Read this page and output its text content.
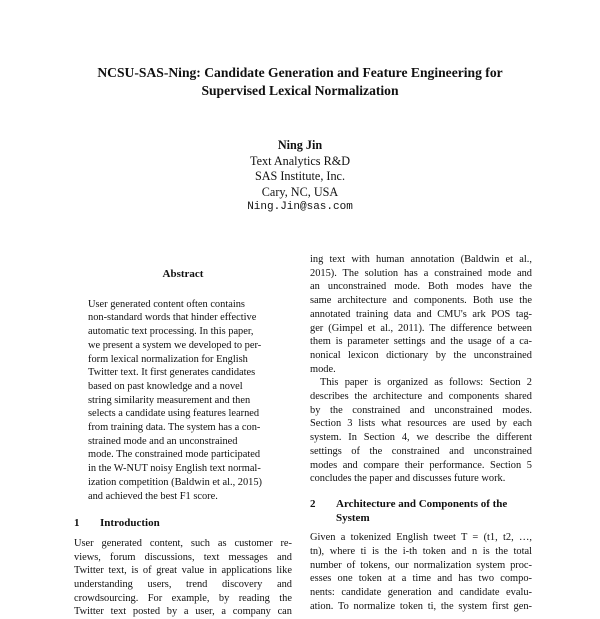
NCSU-SAS-Ning: Candidate Generation and Feature Engineering for
Supervised Lexical Normalization
Ning Jin
Text Analytics R&D
SAS Institute, Inc.
Cary, NC, USA
Ning.Jin@sas.com
Abstract
User generated content often contains
non-standard words that hinder effective
automatic text processing. In this paper,
we present a system we developed to per-
form lexical normalization for English
Twitter text. It first generates candidates
based on past knowledge and a novel
string similarity measurement and then
selects a candidate using features learned
from training data. The system has a con-
strained mode and an unconstrained
mode. The constrained mode participated
in the W-NUT noisy English text normal-
ization competition (Baldwin et al., 2015)
and achieved the best F1 score.
1	Introduction
User generated content, such as customer re-
views, forum discussions, text messages and
Twitter text, is of great value in applications like
understanding users, trend discovery and
crowdsourcing. For example, by reading the
Twitter text posted by a user, a company can
ing text with human annotation (Baldwin et al.,
2015). The solution has a constrained mode and
an unconstrained mode. Both modes have the
same architecture and components. Both use the
annotated training data and CMU's ark POS tag-
ger (Gimpel et al., 2011). The difference between
them is parameter settings and the usage of a ca-
nonical lexicon dictionary by the unconstrained
mode.
This paper is organized as follows: Section 2
describes the architecture and components shared
by the constrained and unconstrained modes.
Section 3 lists what resources are used by each
system. In Section 4, we describe the different
settings of the constrained and unconstrained
modes and compare their performance. Section 5
concludes the paper and discusses future work.
2	Architecture and Components of the
System
Given a tokenized English tweet T = (t1, t2, …,
tn), where ti is the i-th token and n is the total
number of tokens, our normalization system proc-
esses one token at a time and has two compo-
nents: candidate generation and candidate evalu-
ation. To normalize token ti, the system first gen-
